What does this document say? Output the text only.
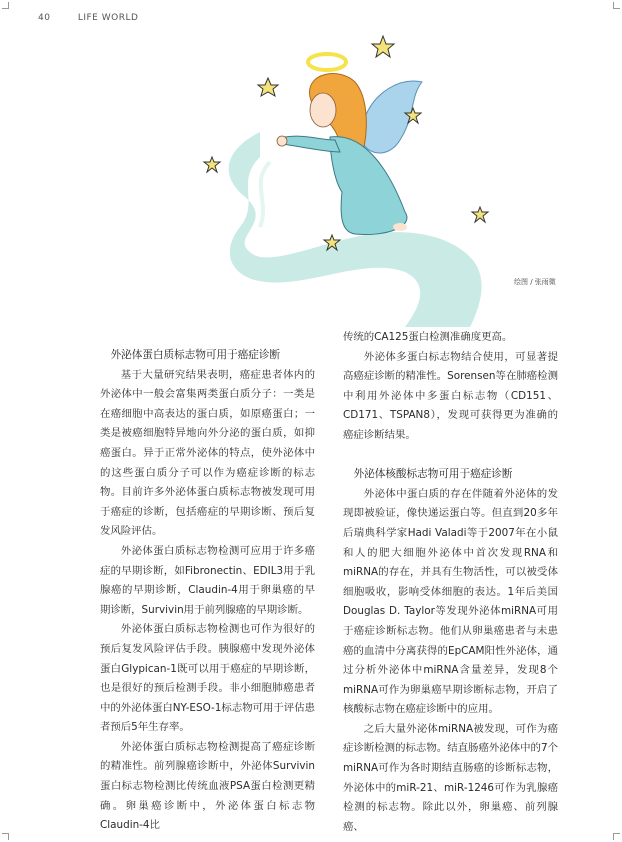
40	LIFE WORLD
绘图 / 张雨微
外泌体蛋白质标志物可用于癌症诊断

基于大量研究结果表明，癌症患者体内的外泌体中一般会富集两类蛋白质分子：一类是在癌细胞中高表达的蛋白质，如原癌蛋白；一类是被癌细胞特异地向外分泌的蛋白质，如抑癌蛋白。异于正常外泌体的特点，使外泌体中的这些蛋白质分子可以作为癌症诊断的标志物。目前许多外泌体蛋白质标志物被发现可用于癌症的诊断，包括癌症的早期诊断、预后复发风险评估。

外泌体蛋白质标志物检测可应用于许多癌症的早期诊断，如Fibronectin、EDIL3用于乳腺癌的早期诊断，Claudin-4用于卵巢癌的早期诊断，Survivin用于前列腺癌的早期诊断。

外泌体蛋白质标志物检测也可作为很好的预后复发风险评估手段。胰腺癌中发现外泌体蛋白Glypican-1既可以用于癌症的早期诊断，也是很好的预后检测手段。非小细胞肺癌患者中的外泌体蛋白NY-ESO-1标志物可用于评估患者预后5年生存率。

外泌体蛋白质标志物检测提高了癌症诊断的精准性。前列腺癌诊断中，外泌体Survivin蛋白标志物检测比传统血液PSA蛋白检测更精确。卵巢癌诊断中，外泌体蛋白标志物Claudin-4比

传统的CA125蛋白检测准确度更高。

外泌体多蛋白标志物结合使用，可显著提高癌症诊断的精准性。Sorensen等在肺癌检测中利用外泌体中多蛋白标志物（CD151、CD171、TSPAN8），发现可获得更为准确的癌症诊断结果。

外泌体核酸标志物可用于癌症诊断

外泌体中蛋白质的存在伴随着外泌体的发现即被验证，像快递运蛋白等。但直到20多年后瑞典科学家Hadi Valadi等于2007年在小鼠和人的肥大细胞外泌体中首次发现RNA和miRNA的存在，并具有生物活性，可以被受体细胞吸收，影响受体细胞的表达。1年后美国Douglas D. Taylor等发现外泌体miRNA可用于癌症诊断标志物。他们从卵巢癌患者与未患癌的血清中分离获得的EpCAM阳性外泌体，通过分析外泌体中miRNA含量差异，发现8个miRNA可作为卵巢癌早期诊断标志物，开启了核酸标志物在癌症诊断中的应用。

之后大量外泌体miRNA被发现，可作为癌症诊断检测的标志物。结直肠癌外泌体中的7个miRNA可作为各时期结直肠癌的诊断标志物，外泌体中的miR-21、miR-1246可作为乳腺癌检测的标志物。除此以外，卵巢癌、前列腺癌、
